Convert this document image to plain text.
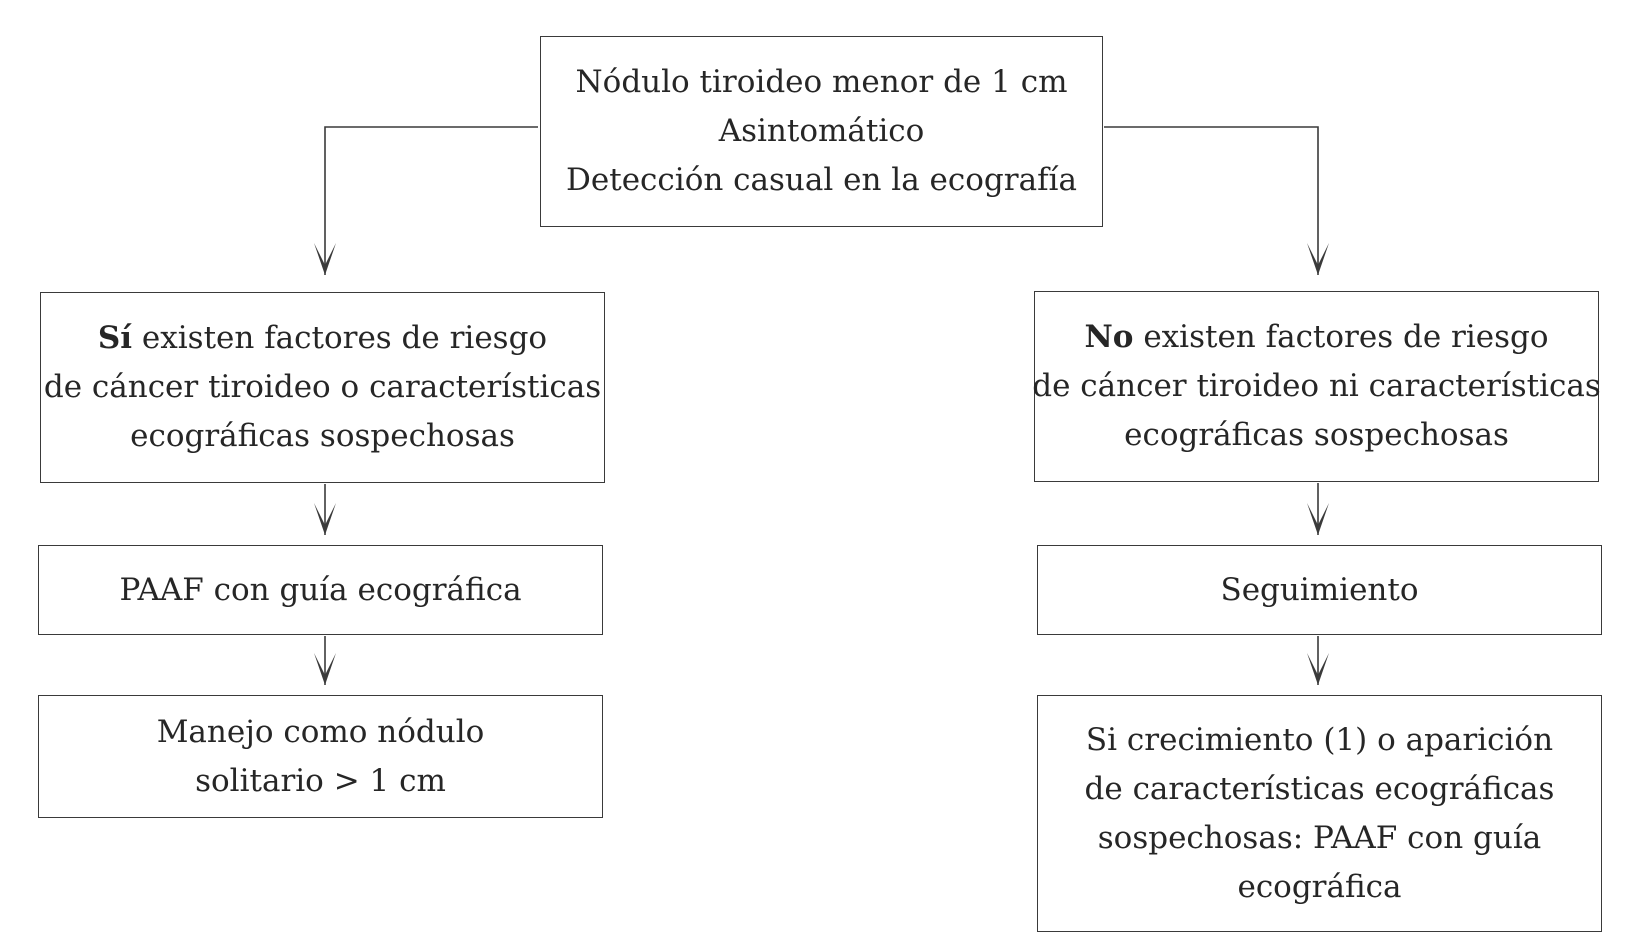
Nódulo tiroideo menor de 1 cm
Asintomático
Detección casual en la ecografía
Sí existen factores de riesgo
de cáncer tiroideo o características
ecográficas sospechosas
No existen factores de riesgo
de cáncer tiroideo ni características
ecográficas sospechosas
PAAF con guía ecográfica	Seguimiento
Manejo como nódulo
solitario > 1 cm
Si crecimiento (1) o aparición
de características ecográficas
sospechosas: PAAF con guía
ecográfica
